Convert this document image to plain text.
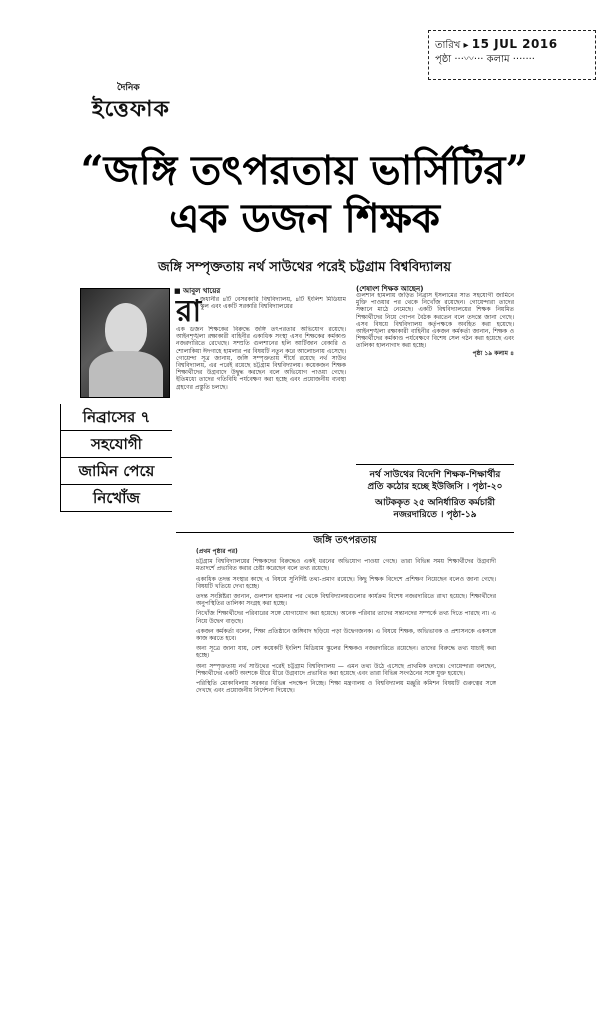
তারিখ ▸ 15 JUL 2016
পৃষ্ঠা ···〰··· কলাম ·······
দৈনিক
ইত্তেফাক
“জঙ্গি তৎপরতায় ভার্সিটির”
এক ডজন শিক্ষক
জঙ্গি সম্পৃক্ততায় নর্থ সাউথের পরেই চট্টগ্রাম বিশ্ববিদ্যালয়
নিব্রাসের ৭
সহযোগী
জামিন পেয়ে
নিখোঁজ
■ আবুল খায়ের
রা

জধানীর ৪টি বেসরকারি বিশ্ববিদ্যালয়, ৪টি ইংলিশ মিডিয়াম স্কুল এবং একটি সরকারি বিশ্ববিদ্যালয়ের

এক ডজন শিক্ষকের বিরুদ্ধে জঙ্গি তৎপরতার অভিযোগ রয়েছে। আইনশৃঙ্খলা রক্ষাকারী বাহিনীর একাধিক সংস্থা এসব শিক্ষকের কর্মকাণ্ড নজরদারিতে রেখেছে। সম্প্রতি গুলশানের হলি আর্টিজান বেকারি ও শোলাকিয়া ঈদগাহে হামলার পর বিষয়টি নতুন করে আলোচনায় এসেছে। গোয়েন্দা সূত্র জানায়, জঙ্গি সম্পৃক্ততায় শীর্ষে রয়েছে নর্থ সাউথ বিশ্ববিদ্যালয়, এর পরেই রয়েছে চট্টগ্রাম বিশ্ববিদ্যালয়। কয়েকজন শিক্ষক শিক্ষার্থীদের উগ্রবাদে উদ্বুদ্ধ করছেন বলে অভিযোগ পাওয়া গেছে। ইতিমধ্যে তাদের গতিবিধি পর্যবেক্ষণ করা হচ্ছে এবং প্রয়োজনীয় ব্যবস্থা গ্রহণের প্রস্তুতি চলছে।

(শেষাংশ শিক্ষক আছেন)

গুলশান হামলায় জড়িত নিব্রাস ইসলামের সাত সহযোগী জামিনে মুক্তি পাওয়ার পর থেকে নিখোঁজ রয়েছেন। গোয়েন্দারা তাদের সন্ধানে মাঠে নেমেছে। একটি বিশ্ববিদ্যালয়ের শিক্ষক নিয়মিত শিক্ষার্থীদের নিয়ে গোপন বৈঠক করতেন বলে তদন্তে জানা গেছে। এসব বিষয়ে বিশ্ববিদ্যালয় কর্তৃপক্ষকে অবহিত করা হয়েছে। আইনশৃঙ্খলা রক্ষাকারী বাহিনীর একজন কর্মকর্তা জানান, শিক্ষক ও শিক্ষার্থীদের কর্মকাণ্ড পর্যবেক্ষণে বিশেষ সেল গঠন করা হয়েছে এবং তালিকা হালনাগাদ করা হচ্ছে।

পৃষ্ঠা ১৯ কলাম ৪

নর্থ সাউথের বিদেশি শিক্ষক-শিক্ষার্থীর
প্রতি কঠোর হচ্ছে ইউজিসি । পৃষ্ঠা-২০
আটককৃত ২৫ অনির্ধারিত কর্মচারী
নজরদারিতে । পৃষ্ঠা-১৯
জঙ্গি তৎপরতায়

(প্রথম পৃষ্ঠার পর)

চট্টগ্রাম বিশ্ববিদ্যালয়ের শিক্ষকদের বিরুদ্ধেও একই ধরনের অভিযোগ পাওয়া গেছে। তারা বিভিন্ন সময় শিক্ষার্থীদের উগ্রবাদী মতাদর্শে প্রভাবিত করার চেষ্টা করেছেন বলে তথ্য রয়েছে।

একাধিক তদন্ত সংস্থার কাছে এ বিষয়ে সুনির্দিষ্ট তথ্য-প্রমাণ রয়েছে। কিছু শিক্ষক বিদেশে প্রশিক্ষণ নিয়েছেন বলেও জানা গেছে। বিষয়টি খতিয়ে দেখা হচ্ছে।

তদন্ত সংশ্লিষ্টরা জানান, গুলশান হামলার পর থেকে বিশ্ববিদ্যালয়গুলোর কার্যক্রম বিশেষ নজরদারিতে রাখা হয়েছে। শিক্ষার্থীদের অনুপস্থিতির তালিকা সংগ্রহ করা হচ্ছে।

নিখোঁজ শিক্ষার্থীদের পরিবারের সঙ্গে যোগাযোগ করা হয়েছে। অনেক পরিবার তাদের সন্তানদের সম্পর্কে তথ্য দিতে পারছে না। এ নিয়ে উদ্বেগ বাড়ছে।

একজন কর্মকর্তা বলেন, শিক্ষা প্রতিষ্ঠানে জঙ্গিবাদ ছড়িয়ে পড়া উদ্বেগজনক। এ বিষয়ে শিক্ষক, অভিভাবক ও প্রশাসনকে একসঙ্গে কাজ করতে হবে।

অন্য সূত্রে জানা যায়, বেশ কয়েকটি ইংলিশ মিডিয়াম স্কুলের শিক্ষকও নজরদারিতে রয়েছেন। তাদের বিরুদ্ধে তথ্য যাচাই করা হচ্ছে।

অন্য সম্পৃক্ততায় নর্থ সাউথের পরেই চট্টগ্রাম বিশ্ববিদ্যালয় — এমন তথ্য উঠে এসেছে প্রাথমিক তদন্তে। গোয়েন্দারা বলছেন, শিক্ষার্থীদের একটি অংশকে ধীরে ধীরে উগ্রবাদে প্রভাবিত করা হয়েছে এবং তারা বিভিন্ন সংগঠনের সঙ্গে যুক্ত হয়েছে।

পরিস্থিতি মোকাবিলায় সরকার বিভিন্ন পদক্ষেপ নিচ্ছে। শিক্ষা মন্ত্রণালয় ও বিশ্ববিদ্যালয় মঞ্জুরি কমিশন বিষয়টি গুরুত্বের সঙ্গে দেখছে এবং প্রয়োজনীয় নির্দেশনা দিয়েছে।
